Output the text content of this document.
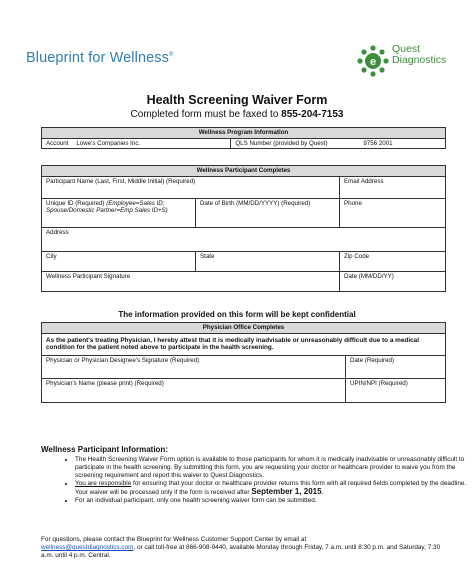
Blueprint for Wellness®
e
Quest
Diagnostics
Health Screening Waiver Form
Completed form must be faxed to 855-204-7153
Wellness Program Information
Account	Lowe's Companies Inc.	QLS Number (provided by Quest)	9756 2001
Wellness Participant Completes		
Participant Name (Last, First, Middle Initial) (Required)		Email Address
Unique ID (Required) (Employee=Sales ID; Spouse/Domestic Partner=Emp Sales ID+S)	Date of Birth (MM/DD/YYYY) (Required)	Phone
Address		
City	State	Zip Code
Wellness Participant Signature		Date (MM/DD/YY)
The information provided on this form will be kept confidential
Physician Office Completes	
As the patient's treating Physician, I hereby attest that it is medically inadvisable or unreasonably difficult due to a medical condition for the patient noted above to participate in the health screening.	
Physician or Physician Designee's Signature (Required)	Date (Required)
Physician's Name (please print) (Required)	UPIN/NPI (Required)
Wellness Participant Information:
• The Health Screening Waiver Form option is available to those participants for whom it is medically inadvisable or unreasonably difficult to participate in the health screening. By submitting this form, you are requesting your doctor or healthcare provider to waive you from the screening requirement and report this waiver to Quest Diagnostics.
• You are responsible for ensuring that your doctor or healthcare provider returns this form with all required fields completed by the deadline. Your waiver will be processed only if the form is received after September 1, 2015.
• For an individual participant, only one health screening waiver form can be submitted.
For questions, please contact the Blueprint for Wellness Customer Support Center by email at
wellness@questdiagnostics.com, or call toll-free at 866-908-9440, available Monday through Friday, 7 a.m. until 8:30 p.m. and Saturday, 7:30 a.m. until 4 p.m. Central.
